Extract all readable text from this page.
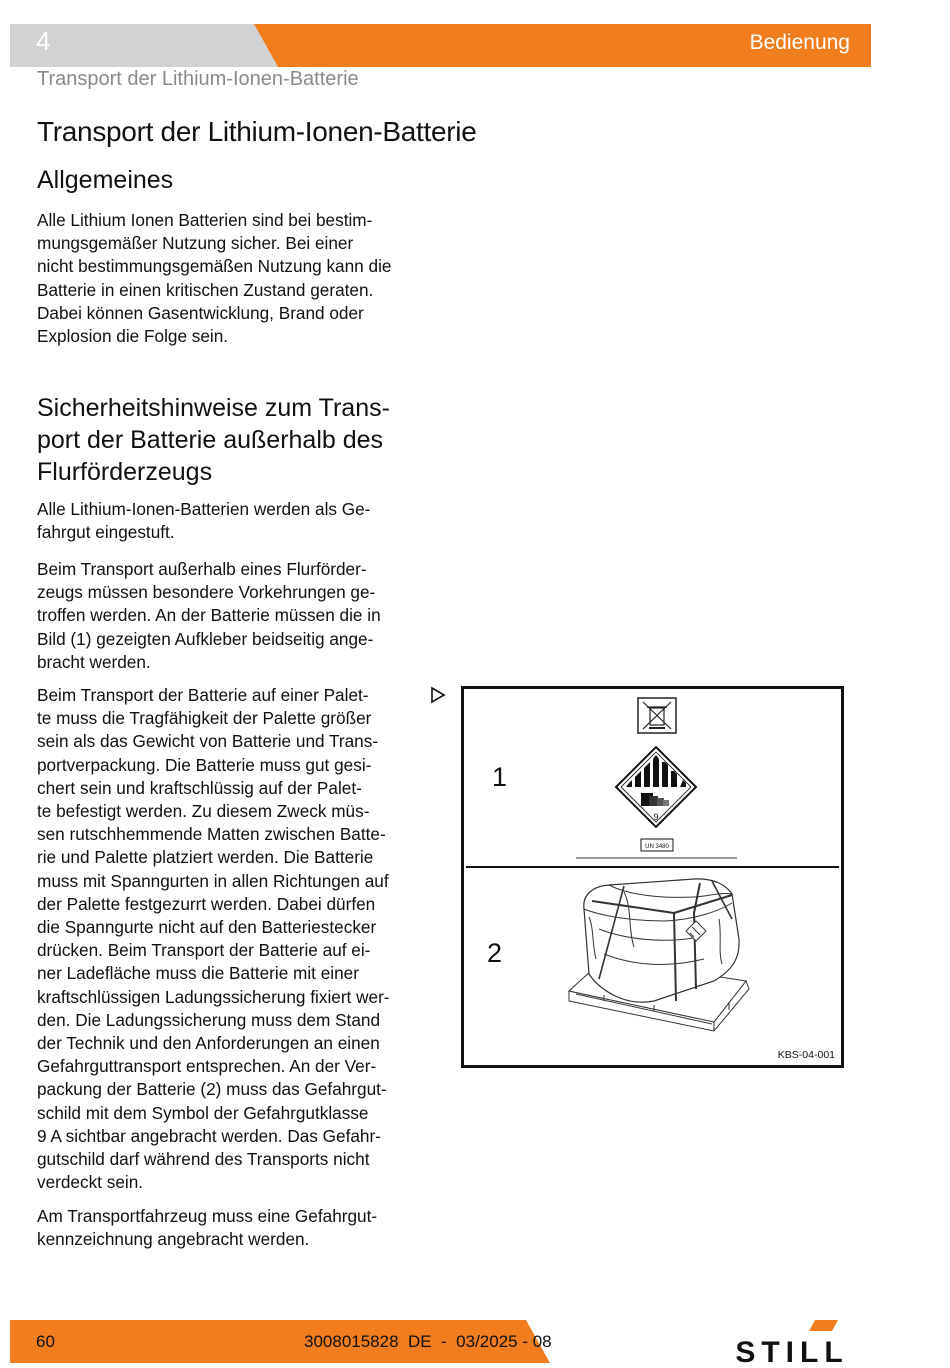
4	Bedienung
Transport der Lithium-Ionen-Batterie
Transport der Lithium-Ionen-Batterie
Allgemeines
Alle Lithium Ionen Batterien sind bei bestim-
mungsgemäßer Nutzung sicher. Bei einer
nicht bestimmungsgemäßen Nutzung kann die
Batterie in einen kritischen Zustand geraten.
Dabei können Gasentwicklung, Brand oder
Explosion die Folge sein.
Sicherheitshinweise zum Trans-
port der Batterie außerhalb des
Flurförderzeugs
Alle Lithium-Ionen-Batterien werden als Ge-
fahrgut eingestuft.
Beim Transport außerhalb eines Flurförder-
zeugs müssen besondere Vorkehrungen ge-
troffen werden. An der Batterie müssen die in
Bild (1) gezeigten Aufkleber beidseitig ange-
bracht werden.
Beim Transport der Batterie auf einer Palet-
te muss die Tragfähigkeit der Palette größer
sein als das Gewicht von Batterie und Trans-
portverpackung. Die Batterie muss gut gesi-
chert sein und kraftschlüssig auf der Palet-
te befestigt werden. Zu diesem Zweck müs-
sen rutschhemmende Matten zwischen Batte-
rie und Palette platziert werden. Die Batterie
muss mit Spanngurten in allen Richtungen auf
der Palette festgezurrt werden. Dabei dürfen
die Spanngurte nicht auf den Batteriestecker
drücken. Beim Transport der Batterie auf ei-
ner Ladefläche muss die Batterie mit einer
kraftschlüssigen Ladungssicherung fixiert wer-
den. Die Ladungssicherung muss dem Stand
der Technik und den Anforderungen an einen
Gefahrguttransport entsprechen. An der Ver-
packung der Batterie (2) muss das Gefahrgut-
schild mit dem Symbol der Gefahrgutklasse
9 A sichtbar angebracht werden. Das Gefahr-
gutschild darf während des Transports nicht
verdeckt sein.
Am Transportfahrzeug muss eine Gefahrgut-
kennzeichnung angebracht werden.
9
UN 3480
1
2
KBS-04-001
60	3008015828  DE  -  03/2025 - 08	STILL
